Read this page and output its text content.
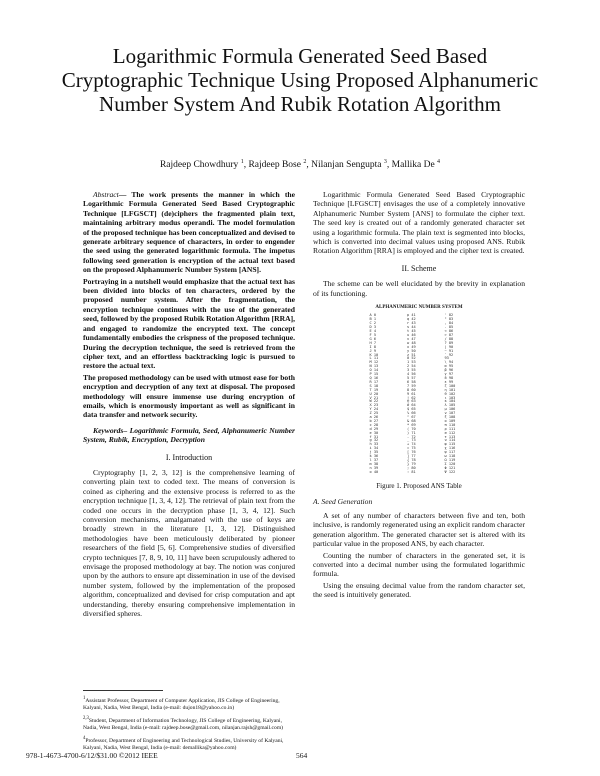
Logarithmic Formula Generated Seed Based Cryptographic Technique Using Proposed Alphanumeric Number System And Rubik Rotation Algorithm
Rajdeep Chowdhury $^1$, Rajdeep Bose $^2$, Nilanjan Sengupta $^3$, Mallika De $^4$

Abstract— The work presents the manner in which the Logarithmic Formula Generated Seed Based Cryptographic Technique [LFGSCT] (de)ciphers the fragmented plain text, maintaining arbitrary modus operandi. The model formulation of the proposed technique has been conceptualized and devised to generate arbitrary sequence of characters, in order to engender the seed using the generated logarithmic formula. The impetus following seed generation is encryption of the actual text based on the proposed Alphanumeric Number System [ANS].

Portraying in a nutshell would emphasize that the actual text has been divided into blocks of ten characters, ordered by the proposed number system. After the fragmentation, the encryption technique continues with the use of the generated seed, followed by the proposed Rubik Rotation Algorithm [RRA], and engaged to randomize the encrypted text. The concept fundamentally embodies the crispness of the proposed technique. During the decryption technique, the seed is retrieved from the cipher text, and an effortless backtracking logic is pursued to restore the actual text.

The proposed methodology can be used with utmost ease for both encryption and decryption of any text at disposal. The proposed methodology will ensure immense use during encryption of emails, which is enormously important as well as significant in data transfer and network security.

Keywords– Logarithmic Formula, Seed, Alphanumeric Number System, Rubik, Encryption, Decryption

I. Introduction

Cryptography [1, 2, 3, 12] is the comprehensive learning of converting plain text to coded text. The means of conversion is coined as ciphering and the extensive process is referred to as the encryption technique [1, 3, 4, 12]. The retrieval of plain text from the coded one occurs in the decryption phase [1, 3, 4, 12]. Such conversion mechanisms, amalgamated with the use of keys are broadly strewn in the literature [1, 3, 12]. Distinguished methodologies have been meticulously deliberated by pioneer researchers of the field [5, 6]. Comprehensive studies of diversified crypto techniques [7, 8, 9, 10, 11] have been scrupulously adhered to envisage the proposed methodology at bay. The notion was conjured upon by the authors to ensure apt dissemination in use of the devised number system, followed by the implementation of the proposed algorithm, conceptualized and devised for crisp computation and apt understanding, thereby ensuring comprehensive implementation in diversified spheres.

Logarithmic Formula Generated Seed Based Cryptographic Technique [LFGSCT] envisages the use of a completely innovative Alphanumeric Number System [ANS] to formulate the cipher text. The seed key is created out of a randomly generated character set using a logarithmic formula. The plain text is segmented into blocks, which is converted into decimal values using proposed ANS. Rubik Rotation Algorithm [RRA] is employed and the cipher text is created.

II. Scheme

The scheme can be well elucidated by the brevity in explanation of its functioning.

ALPHANUMERIC NUMBER SYSTEM
A 0
B 1
C 2
D 3
E 4
F 5
G 6
H 7
I 8
J 9
K 10
L 11
M 12
N 13
O 14
P 15
Q 16
R 17
S 18
T 19
U 20
V 21
W 22
X 23
Y 24
Z 25
a 26
b 27
c 28
d 29
e 30
f 31
g 32
h 33
i 34
j 35
k 36
l 37
m 38
n 39
o 40
p 41
q 42
r 43
s 44
t 45
u 46
v 47
w 48
x 49
y 50
z 51
0 52
1 53
2 54
3 55
4 56
5 57
6 58
7 59
8 60
9 61
! 62
@ 63
# 64
$ 65
% 66
^ 67
& 68
* 69
( 70
) 71
- 72
_ 73
+ 74
= 75
[ 76
] 77
{ 78
} 79
; 80
: 81
' 82
" 83
, 84
. 85
< 86
> 87
/ 88
? 89
| 90
~ 91
` 92
93
\ 94
α 95
β 96
γ 97
δ 98
ε 99
ζ 100
η 101
θ 102
ι 103
κ 104
λ 105
μ 106
ν 107
ξ 108
ο 109
π 110
ρ 111
σ 112
τ 113
υ 114
φ 115
χ 116
ψ 117
ω 118
Ω 119
Σ 120
Φ 121
Ψ 122
Figure 1. Proposed ANS Table
A. Seed Generation

A set of any number of characters between five and ten, both inclusive, is randomly regenerated using an explicit random character generation algorithm. The generated character set is altered with its particular value in the proposed ANS, by each character.

Counting the number of characters in the generated set, it is converted into a decimal number using the formulated logarithmic formula.

Using the ensuing decimal value from the random character set, the seed is intuitively generated.

$^1$Assistant Professor, Department of Computer Application, JIS College of Engineering, Kalyani, Nadia, West Bengal, India (e-mail: dujon18@yahoo.co.in)

$^{2,3}$Student, Department of Information Technology, JIS College of Engineering, Kalyani, Nadia, West Bengal, India (e-mail: rajdeep.bose@gmail.com, nilanjan.rajsh@gmail.com)

$^4$Professor, Department of Engineering and Technological Studies, University of Kalyani, Kalyani, Nadia, West Bengal, India (e-mail: demallika@yahoo.com)

978-1-4673-4700-6/12/$31.00 ©2012 IEEE	564
